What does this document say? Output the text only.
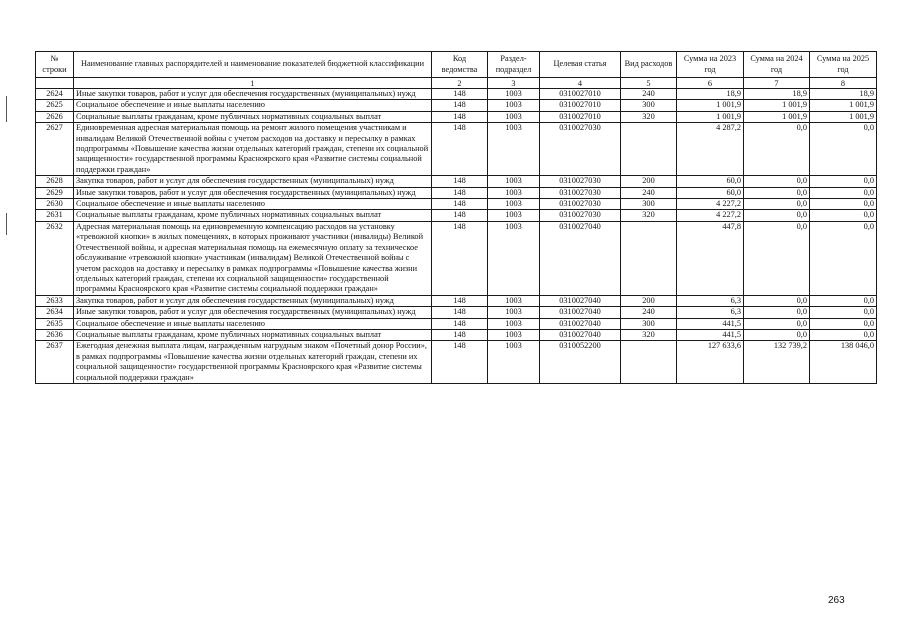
№ строки	Наименование главных распорядителей и наименование показателей бюджетной классификации	Код ведомства	Раздел-подраздел	Целевая статья	Вид расходов	Сумма на 2023 год	Сумма на 2024 год	Сумма на 2025 год
	1	2	3	4	5	6	7	8
2624	Иные закупки товаров, работ и услуг для обеспечения государственных (муниципальных) нужд	148	1003	0310027010	240	18,9	18,9	18,9
2625	Социальное обеспечение и иные выплаты населению	148	1003	0310027010	300	1 001,9	1 001,9	1 001,9
2626	Социальные выплаты гражданам, кроме публичных нормативных социальных выплат	148	1003	0310027010	320	1 001,9	1 001,9	1 001,9
2627	Единовременная адресная материальная помощь на ремонт жилого помещения участникам и инвалидам Великой Отечественной войны с учетом расходов на доставку и пересылку в рамках подпрограммы «Повышение качества жизни отдельных категорий граждан, степени их социальной защищенности» государственной программы Красноярского края «Развитие системы социальной поддержки граждан»	148	1003	0310027030		4 287,2	0,0	0,0
2628	Закупка товаров, работ и услуг для обеспечения государственных (муниципальных) нужд	148	1003	0310027030	200	60,0	0,0	0,0
2629	Иные закупки товаров, работ и услуг для обеспечения государственных (муниципальных) нужд	148	1003	0310027030	240	60,0	0,0	0,0
2630	Социальное обеспечение и иные выплаты населению	148	1003	0310027030	300	4 227,2	0,0	0,0
2631	Социальные выплаты гражданам, кроме публичных нормативных социальных выплат	148	1003	0310027030	320	4 227,2	0,0	0,0
2632	Адресная материальная помощь на единовременную компенсацию расходов на установку «тревожной кнопки» в жилых помещениях, в которых проживают участники (инвалиды) Великой Отечественной войны, и адресная материальная помощь на ежемесячную оплату за техническое обслуживание «тревожной кнопки» участникам (инвалидам) Великой Отечественной войны с учетом расходов на доставку и пересылку в рамках подпрограммы «Повышение качества жизни отдельных категорий граждан, степени их социальной защищенности» государственной программы Красноярского края «Развитие системы социальной поддержки граждан»	148	1003	0310027040		447,8	0,0	0,0
2633	Закупка товаров, работ и услуг для обеспечения государственных (муниципальных) нужд	148	1003	0310027040	200	6,3	0,0	0,0
2634	Иные закупки товаров, работ и услуг для обеспечения государственных (муниципальных) нужд	148	1003	0310027040	240	6,3	0,0	0,0
2635	Социальное обеспечение и иные выплаты населению	148	1003	0310027040	300	441,5	0,0	0,0
2636	Социальные выплаты гражданам, кроме публичных нормативных социальных выплат	148	1003	0310027040	320	441,5	0,0	0,0
2637	Ежегодная денежная выплата лицам, награжденным нагрудным знаком «Почетный донор России», в рамках подпрограммы «Повышение качества жизни отдельных категорий граждан, степени их социальной защищенности» государственной программы Красноярского края «Развитие системы социальной поддержки граждан»	148	1003	0310052200		127 633,6	132 739,2	138 046,0
263
